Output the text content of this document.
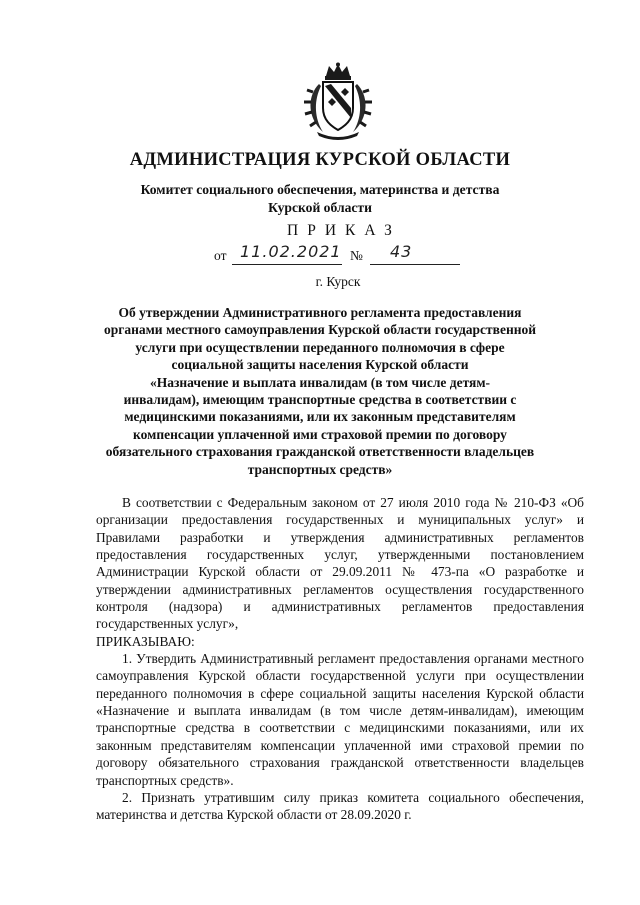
АДМИНИСТРАЦИЯ КУРСКОЙ ОБЛАСТИ
Комитет социального обеспечения, материнства и детства
Курской области
ПРИКАЗ
от 11.02.2021 № 43
г. Курск
Об утверждении Административного регламента предоставления
органами местного самоуправления Курской области государственной
услуги при осуществлении переданного полномочия в сфере
социальной защиты населения Курской области
«Назначение и выплата инвалидам (в том числе детям-
инвалидам), имеющим транспортные средства в соответствии с
медицинскими показаниями, или их законным представителям
компенсации уплаченной ими страховой премии по договору
обязательного страхования гражданской ответственности владельцев
транспортных средств»

В соответствии с Федеральным законом от 27 июля 2010 года № 210-ФЗ «Об организации предоставления государственных и муниципальных услуг» и Правилами разработки и утверждения административных регламентов предоставления государственных услуг, утвержденными постановлением Администрации Курской области от 29.09.2011 № 473-па «О разработке и утверждении административных регламентов осуществления государственного контроля (надзора) и административных регламентов предоставления государственных услуг»,

ПРИКАЗЫВАЮ:

1. Утвердить Административный регламент предоставления органами местного самоуправления Курской области государственной услуги при осуществлении переданного полномочия в сфере социальной защиты населения Курской области «Назначение и выплата инвалидам (в том числе детям-инвалидам), имеющим транспортные средства в соответствии с медицинскими показаниями, или их законным представителям компенсации уплаченной ими страховой премии по договору обязательного страхования гражданской ответственности владельцев транспортных средств».

2. Признать утратившим силу приказ комитета социального обеспечения, материнства и детства Курской области от 28.09.2020 г.
